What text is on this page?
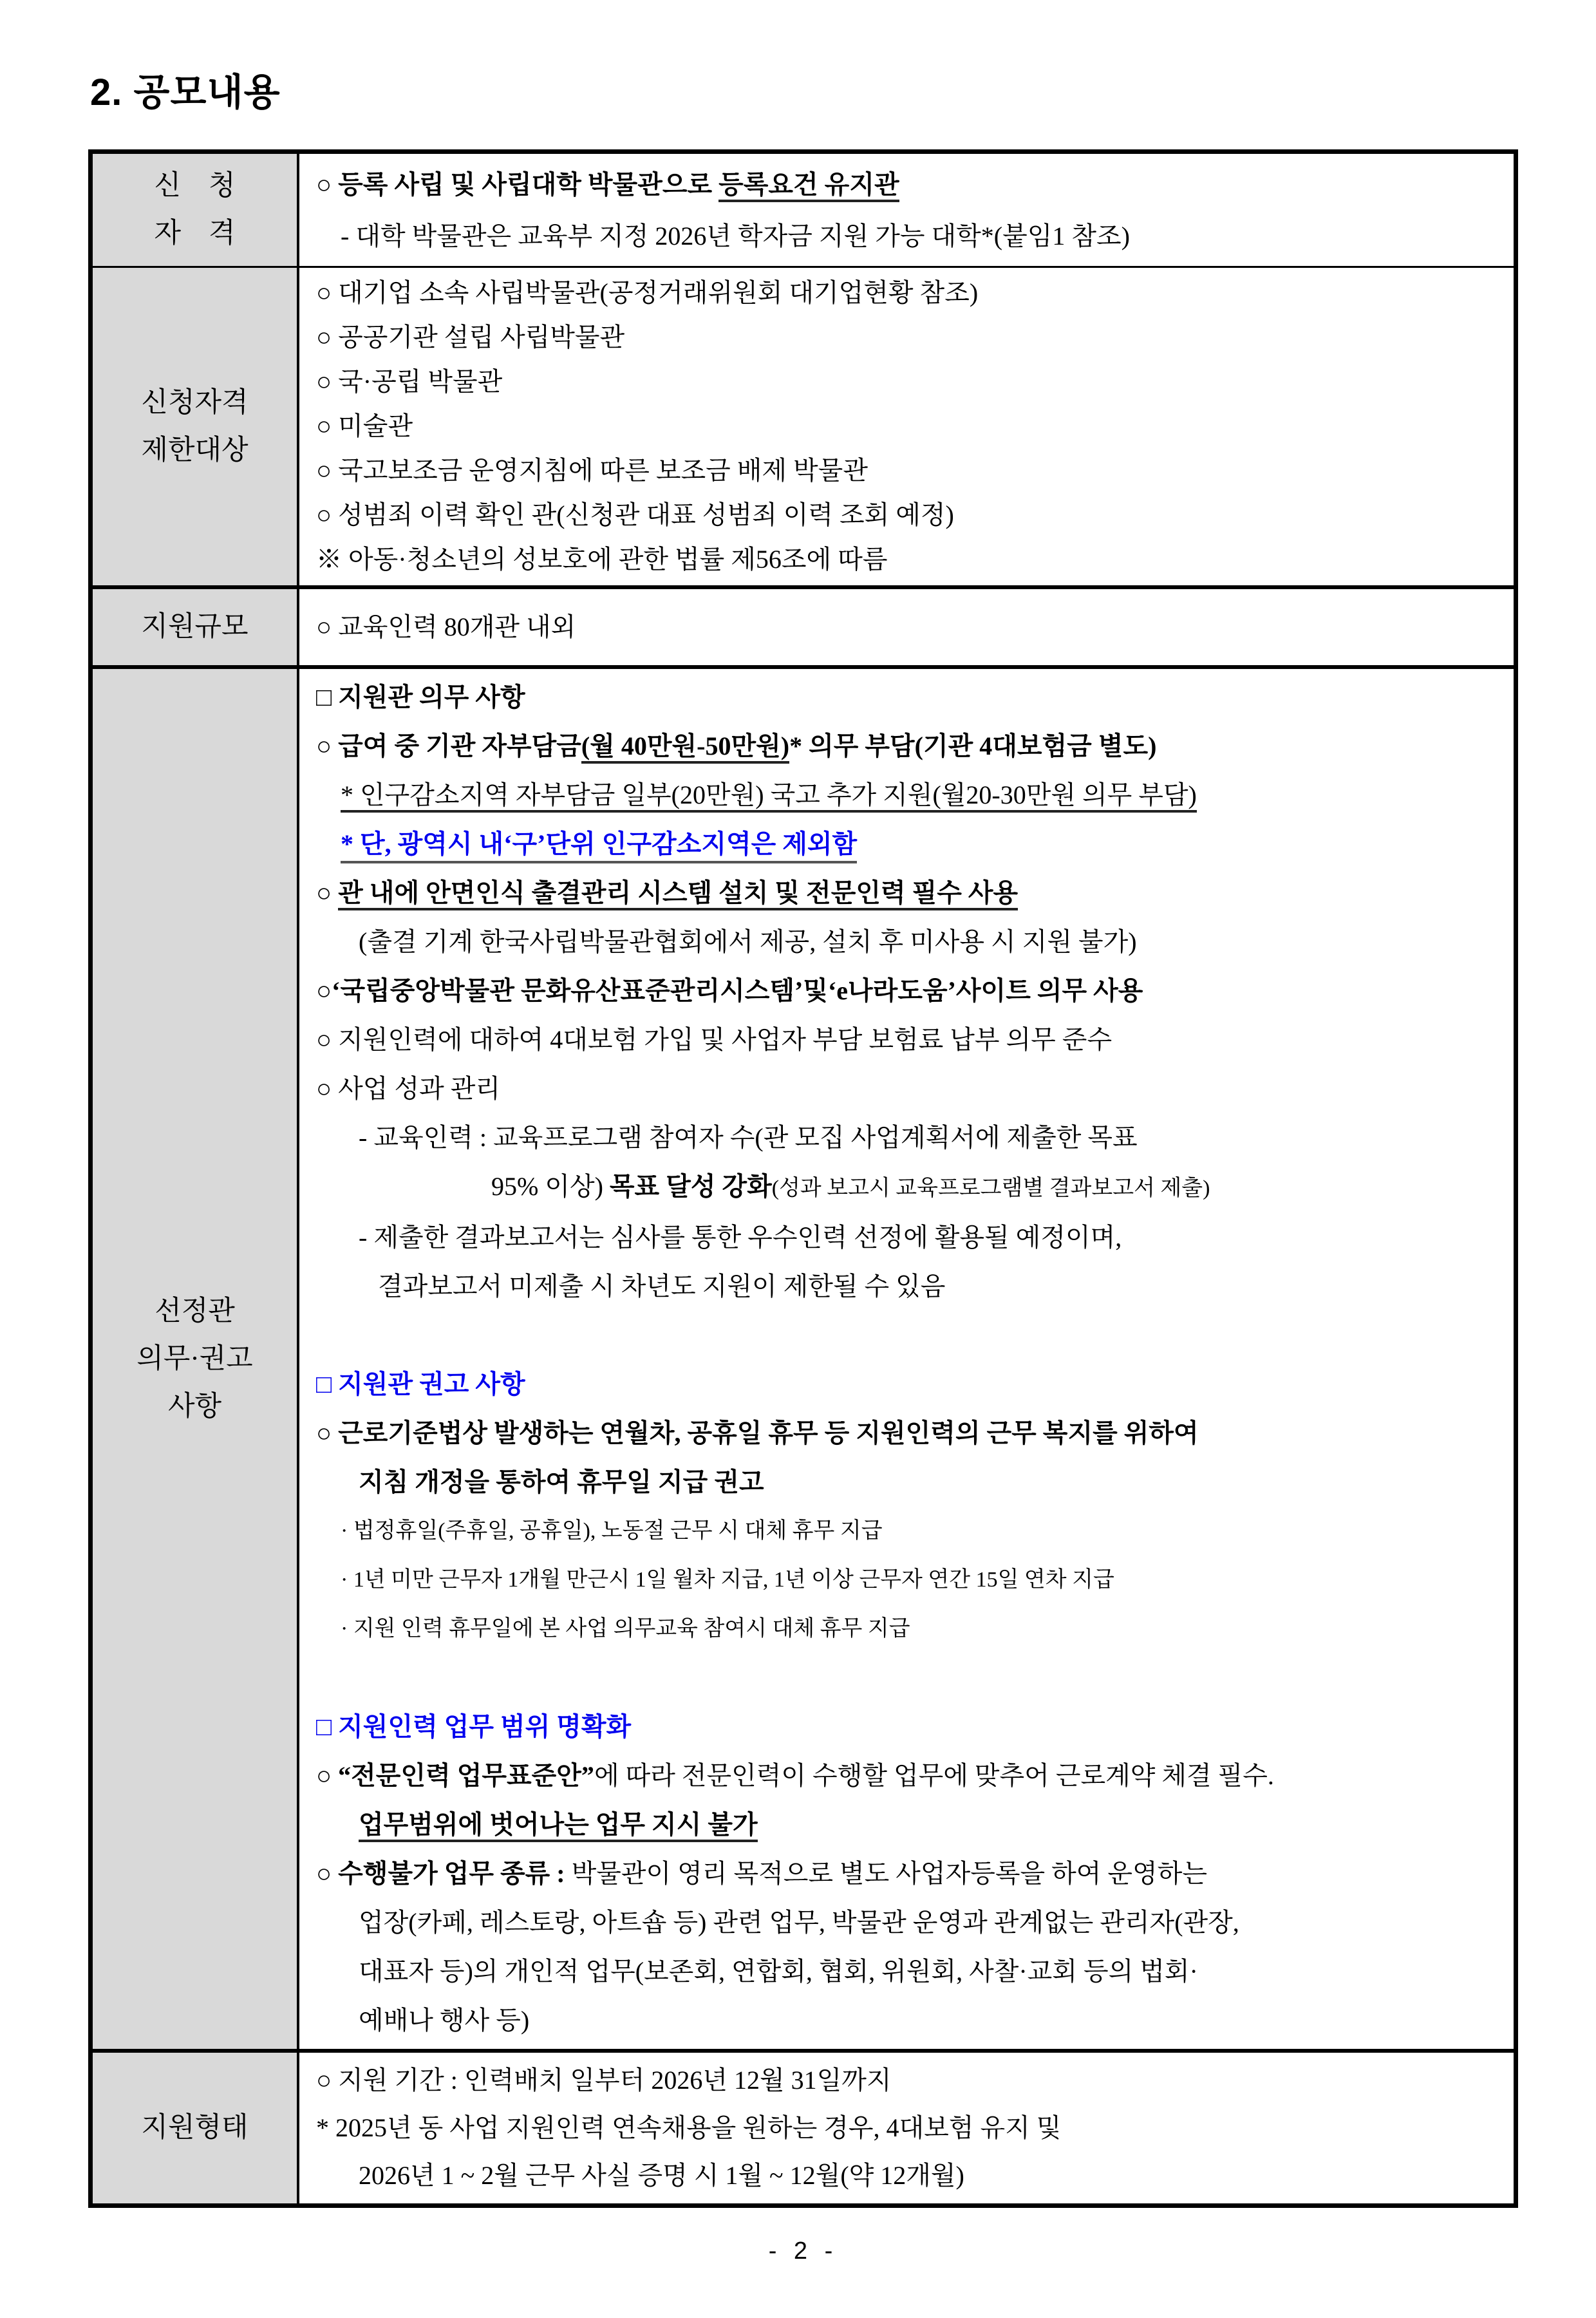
2. 공모내용
신    청
자    격
○ 등록 사립 및 사립대학 박물관으로 등록요건 유지관
- 대학 박물관은 교육부 지정 2026년 학자금 지원 가능 대학*(붙임1 참조)
신청자격
제한대상
○ 대기업 소속 사립박물관(공정거래위원회 대기업현황 참조)
○ 공공기관 설립 사립박물관
○ 국·공립 박물관
○ 미술관
○ 국고보조금 운영지침에 따른 보조금 배제 박물관
○ 성범죄 이력 확인 관(신청관 대표 성범죄 이력 조회 예정)
※ 아동·청소년의 성보호에 관한 법률 제56조에 따름
지원규모	○ 교육인력 80개관 내외
선정관
의무·권고
사항
□ 지원관 의무 사항
○ 급여 중 기관 자부담금(월 40만원-50만원)* 의무 부담(기관 4대보험금 별도)
* 인구감소지역 자부담금 일부(20만원) 국고 추가 지원(월20-30만원 의무 부담)
* 단, 광역시 내‘구’단위 인구감소지역은 제외함
○ 관 내에 안면인식 출결관리 시스템 설치 및 전문인력 필수 사용
(출결 기계 한국사립박물관협회에서 제공, 설치 후 미사용 시 지원 불가)
○‘국립중앙박물관 문화유산표준관리시스템’및‘e나라도움’사이트 의무 사용
○ 지원인력에 대하여 4대보험 가입 및 사업자 부담 보험료 납부 의무 준수
○ 사업 성과 관리
- 교육인력 : 교육프로그램 참여자 수(관 모집 사업계획서에 제출한 목표
95% 이상) 목표 달성 강화(성과 보고시 교육프로그램별 결과보고서 제출)
- 제출한 결과보고서는 심사를 통한 우수인력 선정에 활용될 예정이며,
결과보고서 미제출 시 차년도 지원이 제한될 수 있음
□ 지원관 권고 사항
○ 근로기준법상 발생하는 연월차, 공휴일 휴무 등 지원인력의 근무 복지를 위하여
지침 개정을 통하여 휴무일 지급 권고
· 법정휴일(주휴일, 공휴일), 노동절 근무 시 대체 휴무 지급
· 1년 미만 근무자 1개월 만근시 1일 월차 지급, 1년 이상 근무자 연간 15일 연차 지급
· 지원 인력 휴무일에 본 사업 의무교육 참여시 대체 휴무 지급
□ 지원인력 업무 범위 명확화
○ “전문인력 업무표준안”에 따라 전문인력이 수행할 업무에 맞추어 근로계약 체결 필수.
업무범위에 벗어나는 업무 지시 불가
○ 수행불가 업무 종류 : 박물관이 영리 목적으로 별도 사업자등록을 하여 운영하는
업장(카페, 레스토랑, 아트숍 등) 관련 업무, 박물관 운영과 관계없는 관리자(관장,
대표자 등)의 개인적 업무(보존회, 연합회, 협회, 위원회, 사찰·교회 등의 법회·
예배나 행사 등)
지원형태
○ 지원 기간 : 인력배치 일부터 2026년 12월 31일까지
* 2025년 동 사업 지원인력 연속채용을 원하는 경우, 4대보험 유지 및
2026년 1 ~ 2월 근무 사실 증명 시 1월 ~ 12월(약 12개월)
- 2 -
